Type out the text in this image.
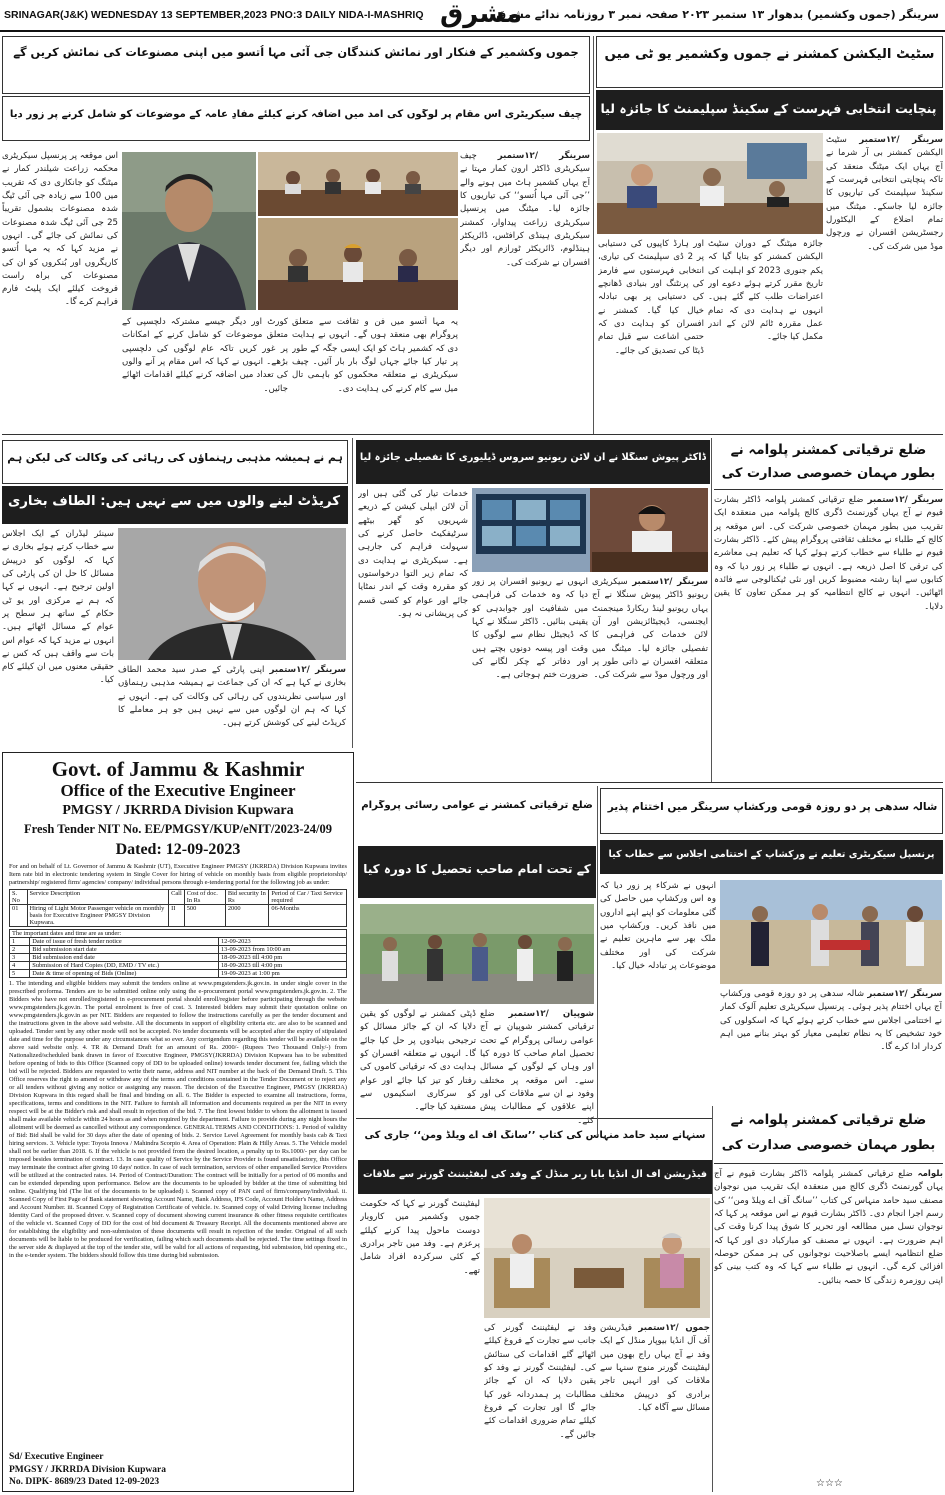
SRINAGAR(J&K) WEDNESDAY 13 SEPTEMBER,2023 PNO:3 DAILY NIDA-I-MASHRIQ مشرق
سرینگر (جموں وکشمیر) بدھوار ۱۳ ستمبر ۲۰۲۳ صفحہ نمبر ۳ روزنامہ ندائے مشرق
جموں وکشمیر کے فنکار اور نمائش کنندگان جی آئی مہا اُتسو میں اپنی مصنوعات کی نمائش کریں گے
چیف سیکریٹری اس مقام پر لوگوں کی آمد میں اضافہ کرنے کیلئے مفادِ عامہ کے موضوعات کو شامل کرنے پر زور دیا
سرینگر /۱۲ستمبر چیف سیکریٹری ڈاکٹر ارون کمار مہتا نے آج یہاں کشمیر ہاٹ میں ہونے والے ’’جی آئی مہا اُتسو‘‘ کی تیاریوں کا جائزہ لیا۔ میٹنگ میں پرنسپل سیکریٹری زراعت پیداوار، کمشنر سیکریٹری ہینڈی کرافٹس، ڈائریکٹر ہینڈلوم، ڈائریکٹر ٹورازم اور دیگر افسران نے شرکت کی۔
اس موقعہ پر پرنسپل سیکریٹری محکمہ زراعت شیلندر کمار نے میٹنگ کو جانکاری دی کہ تقریب میں 100 سے زیادہ جی آئی ٹیگ شدہ مصنوعات بشمول تقریباً 25 جی آئی ٹیگ شدہ مصنوعات کی نمائش کی جائے گی۔ انہوں نے مزید کہا کہ یہ مہا اُتسو کاریگروں اور بُنکروں کو ان کی مصنوعات کی براہ راست فروخت کیلئے ایک پلیٹ فارم فراہم کرے گا۔
کورٹ اور دیگر جیسے مشترکہ دلچسپی کے متعلق موضوعات کو شامل کرنے کے امکانات پر غور کریں تاکہ عام لوگوں کی دلچسپی بڑھے۔ انہوں نے کہا کہ اس مقام پر آنے والوں کی تعداد میں اضافہ کرنے کیلئے اقدامات اٹھائے جائیں۔
یہ مہا اُتسو میں فن و ثقافت سے متعلق پروگرام بھی منعقد ہوں گے۔ انہوں نے ہدایت دی کہ کشمیر ہاٹ کو ایک ایسی جگہ کے طور پر تیار کیا جائے جہاں لوگ بار بار آئیں۔ چیف سیکریٹری نے متعلقہ محکموں کو باہمی تال میل سے کام کرنے کی ہدایت دی۔
سٹیٹ الیکشن کمشنر نے جموں وکشمیر یو ٹی میں
پنچایت انتخابی فہرست کے سکینڈ سپلیمنٹ کا جائزہ لیا
سرینگر /۱۲ستمبر سٹیٹ الیکشن کمشنر بی آر شرما نے آج یہاں ایک میٹنگ منعقد کی تاکہ پنچایتی انتخابی فہرست کے سکینڈ سپلیمنٹ کی تیاریوں کا جائزہ لیا جاسکے۔ میٹنگ میں تمام اضلاع کے الیکٹورل رجسٹریشن افسران نے ورچول موڈ میں شرکت کی۔
جائزہ میٹنگ کے دوران سٹیٹ الیکشن کمشنر کو بتایا گیا کہ یکم جنوری 2023 کو اہلیت کی تاریخ مقرر کرتے ہوئے دعوے اور اعتراضات طلب کئے گئے ہیں۔ انہوں نے ہدایت دی کہ تمام عمل مقررہ ٹائم لائن کے اندر مکمل کیا جائے۔
اور ہارڈ کاپیوں کی دستیابی پر 2 ڈی سپلیمنٹ کی تیاری، انتخابی فہرستوں سے فارمز کی پرنٹنگ اور بنیادی ڈھانچے کی دستیابی پر بھی تبادلہ خیال کیا گیا۔ کمشنر نے افسران کو ہدایت دی کہ حتمی اشاعت سے قبل تمام ڈیٹا کی تصدیق کی جائے۔
ہم نے ہمیشہ مذہبی رہنماؤں کی رہائی کی وکالت کی لیکن ہم
کریڈٹ لینے والوں میں سے نہیں ہیں: الطاف بخاری
سینئر لیڈران کے ایک اجلاس سے خطاب کرتے ہوئے بخاری نے کہا کہ لوگوں کو درپیش مسائل کا حل ان کی پارٹی کی اولین ترجیح ہے۔ انہوں نے کہا کہ ہم نے مرکزی اور یو ٹی حکام کے ساتھ ہر سطح پر عوام کے مسائل اٹھائے ہیں۔ انہوں نے مزید کہا کہ عوام اس بات سے واقف ہیں کہ کس نے حقیقی معنوں میں ان کیلئے کام کیا۔
سرینگر /۱۲ستمبر اپنی پارٹی کے صدر سید محمد الطاف بخاری نے کہا ہے کہ ان کی جماعت نے ہمیشہ مذہبی رہنماؤں اور سیاسی نظربندوں کی رہائی کی وکالت کی ہے۔ انہوں نے کہا کہ ہم ان لوگوں میں سے نہیں ہیں جو ہر معاملے کا کریڈٹ لینے کی کوشش کرتے ہیں۔
ڈاکٹر پیوش سنگلا نے آن لائن ریونیو سروس ڈیلیوری کا تفصیلی جائزہ لیا
سرینگر /۱۲ستمبر سیکریٹری ریونیو ڈاکٹر پیوش سنگلا نے آج یہاں ریونیو لینڈ ریکارڈ مینجمنٹ ایجنسی، ڈیجیٹائزیشن اور آن لائن خدمات کی فراہمی کا تفصیلی جائزہ لیا۔ میٹنگ میں متعلقہ افسران نے ذاتی طور پر اور ورچول موڈ سے شرکت کی۔
خدمات تیار کی گئی ہیں اور آن لائن ایپلی کیشن کے ذریعے شہریوں کو گھر بیٹھے سرٹیفکیٹ حاصل کرنے کی سہولت فراہم کی جارہی ہے۔ سیکریٹری نے ہدایت دی کہ تمام زیر التوا درخواستوں کو مقررہ وقت کے اندر نمٹایا جائے اور عوام کو کسی قسم کی پریشانی نہ ہو۔
انہوں نے ریونیو افسران پر زور دیا کہ وہ خدمات کی فراہمی میں شفافیت اور جوابدہی کو یقینی بنائیں۔ ڈاکٹر سنگلا نے کہا کہ ڈیجیٹل نظام سے لوگوں کا وقت اور پیسہ دونوں بچتے ہیں اور دفاتر کے چکر لگانے کی ضرورت ختم ہوجاتی ہے۔
ضلع ترقیاتی کمشنر پلوامہ نے
بطور مہمان خصوصی صدارت کی
سرینگر /۱۲ستمبر ضلع ترقیاتی کمشنر پلوامہ ڈاکٹر بشارت قیوم نے آج یہاں گورنمنٹ ڈگری کالج پلوامہ میں منعقدہ ایک تقریب میں بطور مہمان خصوصی شرکت کی۔ اس موقعہ پر کالج کے طلباء نے مختلف ثقافتی پروگرام پیش کئے۔ ڈاکٹر بشارت قیوم نے طلباء سے خطاب کرتے ہوئے کہا کہ تعلیم ہی معاشرے کی ترقی کا اصل ذریعہ ہے۔ انہوں نے طلباء پر زور دیا کہ وہ کتابوں سے اپنا رشتہ مضبوط کریں اور نئی ٹیکنالوجی سے فائدہ اٹھائیں۔ انہوں نے کالج انتظامیہ کو ہر ممکن تعاون کا یقین دلایا۔
Govt. of Jammu & Kashmir
Office of the Executive Engineer
PMGSY / JKRRDA Division Kupwara
Fresh Tender NIT No. EE/PMGSY/KUP/eNIT/2023-24/09
Dated: 12-09-2023
For and on behalf of Lt. Governor of Jammu & Kashmir (UT), Executive Engineer PMGSY (JKRRDA) Division Kupwara invites Item rate bid in electronic tendering system in Single Cover for hiring of vehicle on monthly basis from eligible proprietorship/ partnership/ registered firm/ agencies/ company/ individual persons through e-tendering portal for the following job as under:
S. No	Service Description	Call	Cost of doc. In Rs	Bid security In Rs	Period of Car / Taxi Service required
01	Hiring of Light Motor Passenger vehicle on monthly basis for Executive Engineer PMGSY Division Kupwara.	II	500	2000	06-Months
The important dates and time are as under:		
1	Date of issue of fresh tender notice	12-09-2023
2	Bid submission start date	13-09-2023 from 10:00 am
3	Bid submission end date	18-09-2023 till 4:00 pm
4	Submission of Hard Copies (DD, EMD / TV etc.)	18-09-2023 till 4:00 pm
5	Date & time of opening of Bids (Online)	19-09-2023 at 1:00 pm
1. The intending and eligible bidders may submit the tenders online at www.pmgstenders.jk.gov.in. in under single cover in the prescribed proforma. Tenders are to be submitted online only using the e-procurement portal www.pmgstenders.jk.gov.in. 2. The Bidders who have not enrolled/registered in e-procurement portal should enroll/register before participating through the website www.pmgstenders.jk.gov.in. The portal enrolment is free of cost. 3. Interested bidders may submit their quotation online on www.pmgstenders.jk.gov.in as per NIT. Bidders are requested to follow the instructions carefully as per the tender document and the instructions given in the above said website. All the documents in support of eligibility criteria etc. are also to be scanned and uploaded. Tender sent by any other mode will not be accepted. No tender documents will be accepted after the expiry of stipulated date and time for the purpose under any circumstances what so ever. Any corrigendum regarding this tender will be available on the above said website only. 4. TR & Demand Draft for an amount of Rs. 2000/- (Rupees Two Thousand Only/-) from Nationalized/scheduled bank drawn in favor of Executive Engineer, PMGSY(JKRRDA) Division Kupwara has to be submitted before opening of bids to this Office (Scanned copy of DD to be uploaded online) towards tender document fee, failing which the bid will be rejected. Bidders are requested to write their name, address and NIT number at the back of the Demand Draft. 5. This Office reserves the right to amend or withdraw any of the terms and conditions contained in the Tender Document or to reject any or all tenders without giving any notice or assigning any reason. The decision of the Executive Engineer, PMGSY (JKRRDA) Division Kupwara in this regard shall be final and binding on all. 6. The Bidder is expected to examine all instructions, forms, specifications, terms and conditions in the NIT. Failure to furnish all information and documents required as per the NIT in every respect will be at the Bidder's risk and shall result in rejection of the bid. 7. The first lowest bidder to whom the allotment is issued shall make available vehicle within 24 hours as and when required by the department. Failure to provide during any night hours the allotment will be deemed as cancelled without any correspondence. GENERAL TERMS AND CONDITIONS: 1. Period of validity of Bid: Bid shall be valid for 30 days after the date of opening of bids. 2. Service Level Agreement for monthly basis cab & Taxi hiring services. 3. Vehicle type: Toyota Innova / Mahindra Scorpio 4. Area of Operation: Plain & Hilly Areas. 5. The Vehicle model shall not be earlier than 2018. 6. If the vehicle is not provided from the desired location, a penalty up to Rs.1000/- per day can be imposed besides termination of contract. 13. In case quality of Service by the Service Provider is found unsatisfactory, this Office may terminate the contract after giving 10 days' notice. In case of such termination, services of other empanelled Service Providers will be utilized at the contracted rates. 14. Period of Contract/Duration: The contract will be initially for a period of 06 months and can be extended depending upon performance. Below are the documents to be uploaded by bidder at the time of submitting bid online. Qualifying bid (The list of the documents to be uploaded) i. Scanned copy of PAN card of firm/company/individual. ii. Scanned Copy of First Page of Bank statement showing Account Name, Bank Address, IFS Code, Account Holder's Name, Address and Account Number. iii. Scanned Copy of Registration Certificate of vehicle. iv. Scanned copy of valid Driving license including Identity Card of the proposed driver. v. Scanned copy of document showing current insurance & other fitness requisite certificates of the vehicle vi. Scanned Copy of DD for the cost of bid document & Treasury Receipt. All the documents mentioned above are for establishing the eligibility and non-submission of these documents will result in rejection of the tender. Original of all such documents will be liable to be produced for verification, failing which such documents shall be rejected. The time settings fixed in the server side & displayed at the top of the tender site, will be valid for all actions of requesting, bid submission, bid opening etc., in the e-tender system. The bidders should follow this time during bid submission.
Sd/ Executive Engineer
PMGSY / JKRRDA Division Kupwara
No. DIPK- 8689/23 Dated 12-09-2023
ضلع ترقیاتی کمشنر نے عوامی رسائی پروگرام
کے تحت امام صاحب تحصیل کا دورہ کیا
شوپیان /۱۲ستمبر ضلع ترقیاتی کمشنر شوپیان نے آج عوامی رسائی پروگرام کے تحت تحصیل امام صاحب کا دورہ کیا اور وہاں کے لوگوں کے مسائل سنے۔ اس موقعہ پر مختلف وفود نے ان سے ملاقات کی اور اپنے علاقوں کے مطالبات پیش کئے۔
ڈپٹی کمشنر نے لوگوں کو یقین دلایا کہ ان کے جائز مسائل کو ترجیحی بنیادوں پر حل کیا جائے گا۔ انہوں نے متعلقہ افسران کو ہدایت دی کہ ترقیاتی کاموں کی رفتار کو تیز کیا جائے اور عوام کو سرکاری اسکیموں سے مستفید کیا جائے۔
شالہ سدھی پر دو روزہ قومی ورکشاپ سرینگر میں اختتام پذیر
پرنسپل سیکریٹری تعلیم نے ورکشاپ کے اختتامی اجلاس سے خطاب کیا
انہوں نے شرکاء پر زور دیا کہ وہ اس ورکشاپ میں حاصل کی گئی معلومات کو اپنے اپنے اداروں میں نافذ کریں۔ ورکشاپ میں ملک بھر سے ماہرین تعلیم نے شرکت کی اور مختلف موضوعات پر تبادلہ خیال کیا۔
سرینگر /۱۲ستمبر شالہ سدھی پر دو روزہ قومی ورکشاپ آج یہاں اختتام پذیر ہوئی۔ پرنسپل سیکریٹری تعلیم آلوک کمار نے اختتامی اجلاس سے خطاب کرتے ہوئے کہا کہ اسکولوں کی خود تشخیص کا یہ نظام تعلیمی معیار کو بہتر بنانے میں اہم کردار ادا کرے گا۔
ضلع ترقیاتی کمشنر پلوامہ نے
بطور مہمان خصوصی صدارت کی
بلوامہ ضلع ترقیاتی کمشنر پلوامہ ڈاکٹر بشارت قیوم نے آج یہاں گورنمنٹ ڈگری کالج میں منعقدہ ایک تقریب میں نوجوان مصنف سید حامد منہاس کی کتاب ’’سانگ آف اے ویلڈ ومن‘‘ کی رسم اجرا انجام دی۔ ڈاکٹر بشارت قیوم نے اس موقعہ پر کہا کہ نوجوان نسل میں مطالعہ اور تحریر کا شوق پیدا کرنا وقت کی اہم ضرورت ہے۔ انہوں نے مصنف کو مبارکباد دی اور کہا کہ ضلع انتظامیہ ایسے باصلاحیت نوجوانوں کی ہر ممکن حوصلہ افزائی کرے گی۔ انہوں نے طلباء سے کہا کہ وہ کتب بینی کو اپنی روزمرہ زندگی کا حصہ بنائیں۔
☆☆☆
سنہانے سید حامد منہاس کی کتاب ’’سانگ آف اے ویلڈ ومن‘‘ جاری کی
فیڈریشن آف آل انڈیا بابا ربر منڈل کے وفد کی لیفٹیننٹ گورنر سے ملاقات
جموں /۱۲ستمبر فیڈریشن آف آل انڈیا بیوپار منڈل کے ایک وفد نے آج یہاں راج بھون میں لیفٹیننٹ گورنر منوج سنہا سے ملاقات کی اور انہیں تاجر برادری کو درپیش مختلف مسائل سے آگاہ کیا۔
وفد نے لیفٹیننٹ گورنر کی جانب سے تجارت کے فروغ کیلئے اٹھائے گئے اقدامات کی ستائش کی۔ لیفٹیننٹ گورنر نے وفد کو یقین دلایا کہ ان کے جائز مطالبات پر ہمدردانہ غور کیا جائے گا اور تجارت کے فروغ کیلئے تمام ضروری اقدامات کئے جائیں گے۔
لیفٹیننٹ گورنر نے کہا کہ حکومت جموں وکشمیر میں کاروبار دوست ماحول پیدا کرنے کیلئے پرعزم ہے۔ وفد میں تاجر برادری کے کئی سرکردہ افراد شامل تھے۔
